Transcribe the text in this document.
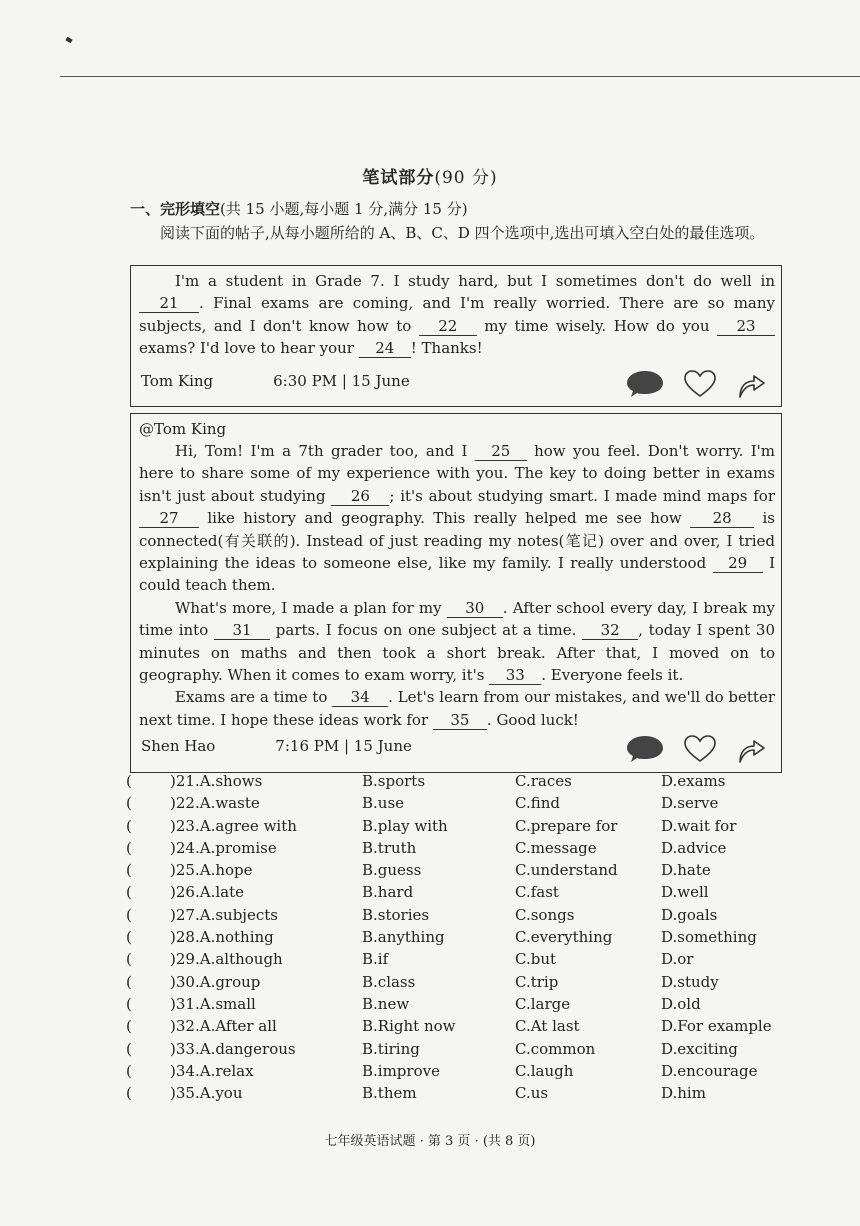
笔试部分(90 分)
一、完形填空(共 15 小题,每小题 1 分,满分 15 分)
阅读下面的帖子,从每小题所给的 A、B、C、D 四个选项中,选出可填入空白处的最佳选项。
I'm a student in Grade 7. I study hard, but I sometimes don't do well in 21 . Final exams are coming, and I'm really worried. There are so many subjects, and I don't know how to 22 my time wisely. How do you 23 exams? I'd love to hear your 24 ! Thanks!
Tom King	6:30 PM | 15 June
@Tom King
Hi, Tom! I'm a 7th grader too, and I 25 how you feel. Don't worry. I'm here to share some of my experience with you. The key to doing better in exams isn't just about studying 26 ; it's about studying smart. I made mind maps for 27 like history and geography. This really helped me see how 28 is connected(有关联的). Instead of just reading my notes(笔记) over and over, I tried explaining the ideas to someone else, like my family. I really understood 29 I could teach them.
What's more, I made a plan for my 30 . After school every day, I break my time into 31 parts. I focus on one subject at a time. 32 , today I spent 30 minutes on maths and then took a short break. After that, I moved on to geography. When it comes to exam worry, it's 33 . Everyone feels it.
Exams are a time to 34 . Let's learn from our mistakes, and we'll do better next time. I hope these ideas work for 35 . Good luck!
Shen Hao	7:16 PM | 15 June
(	)21.A.shows	B.sports	C.races	D.exams
(	)22.A.waste	B.use	C.find	D.serve
(	)23.A.agree with	B.play with	C.prepare for	D.wait for
(	)24.A.promise	B.truth	C.message	D.advice
(	)25.A.hope	B.guess	C.understand	D.hate
(	)26.A.late	B.hard	C.fast	D.well
(	)27.A.subjects	B.stories	C.songs	D.goals
(	)28.A.nothing	B.anything	C.everything	D.something
(	)29.A.although	B.if	C.but	D.or
(	)30.A.group	B.class	C.trip	D.study
(	)31.A.small	B.new	C.large	D.old
(	)32.A.After all	B.Right now	C.At last	D.For example
(	)33.A.dangerous	B.tiring	C.common	D.exciting
(	)34.A.relax	B.improve	C.laugh	D.encourage
(	)35.A.you	B.them	C.us	D.him
七年级英语试题 · 第 3 页 · (共 8 页)
